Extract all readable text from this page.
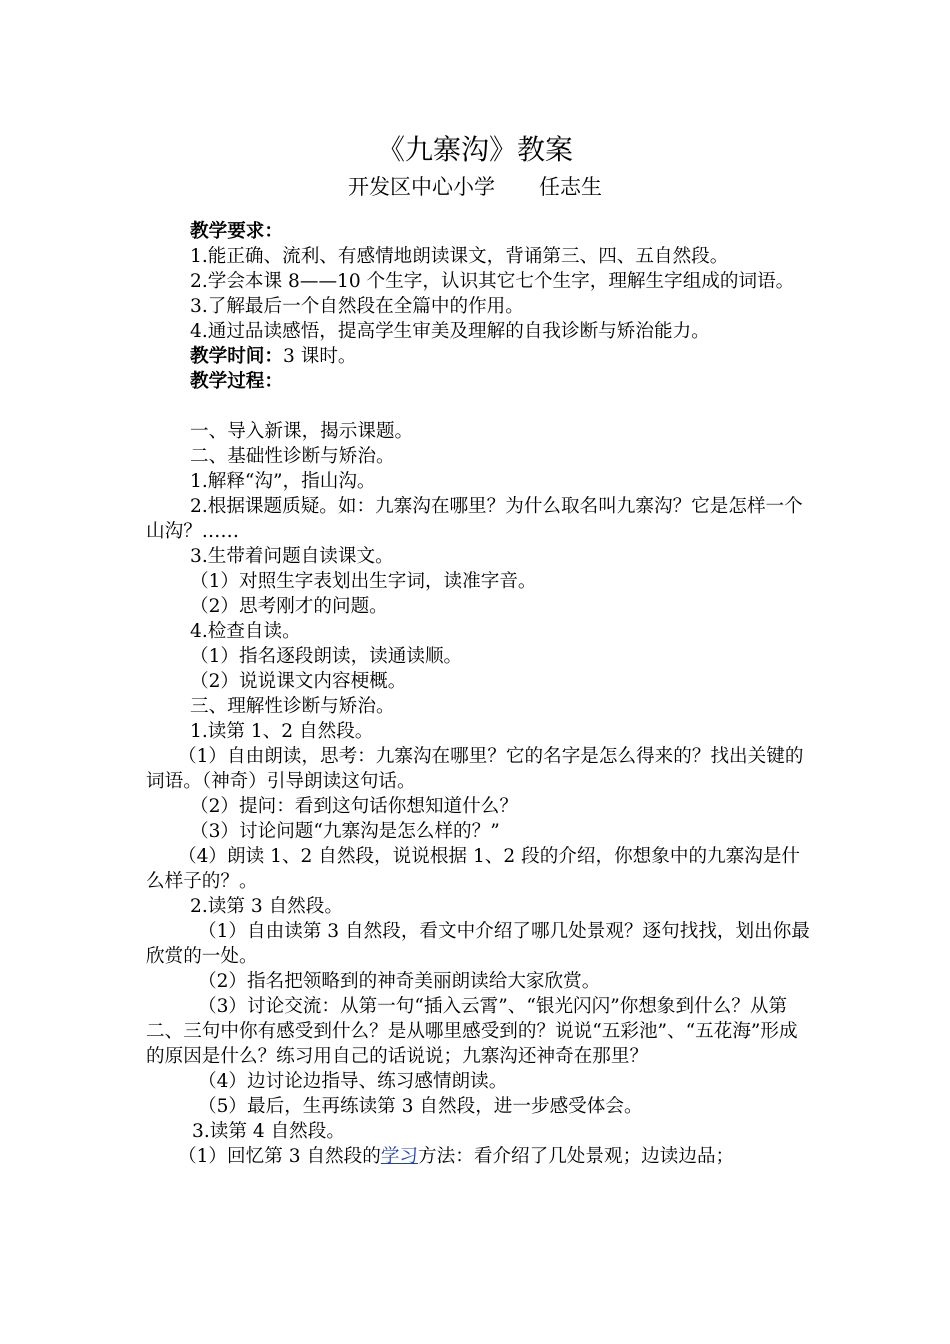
《九寨沟》教案
开发区中心小学 任志生

教学要求：

1.能正确、流利、有感情地朗读课文，背诵第三、四、五自然段。

2.学会本课 8——10 个生字，认识其它七个生字，理解生字组成的词语。

3.了解最后一个自然段在全篇中的作用。

4.通过品读感悟，提高学生审美及理解的自我诊断与矫治能力。

教学时间：3 课时。

教学过程：

一、导入新课，揭示课题。

二、基础性诊断与矫治。

1.解释“沟”，指山沟。

2.根据课题质疑。如：九寨沟在哪里？为什么取名叫九寨沟？它是怎样一个山沟？……

3.生带着问题自读课文。

（1）对照生字表划出生字词，读准字音。

（2）思考刚才的问题。

4.检查自读。

（1）指名逐段朗读，读通读顺。

（2）说说课文内容梗概。

三、理解性诊断与矫治。

1.读第 1、2 自然段。

（1）自由朗读，思考：九寨沟在哪里？它的名字是怎么得来的？找出关键的词语。（神奇）引导朗读这句话。

（2）提问：看到这句话你想知道什么？

（3）讨论问题“九寨沟是怎么样的？”

（4）朗读 1、2 自然段，说说根据 1、2 段的介绍，你想象中的九寨沟是什么样子的？。

2.读第 3 自然段。

（1）自由读第 3 自然段，看文中介绍了哪几处景观？逐句找找，划出你最欣赏的一处。

（2）指名把领略到的神奇美丽朗读给大家欣赏。

（3）讨论交流：从第一句“插入云霄”、“银光闪闪”你想象到什么？从第二、三句中你有感受到什么？是从哪里感受到的？说说“五彩池”、“五花海”形成的原因是什么？练习用自己的话说说；九寨沟还神奇在那里？

（4）边讨论边指导、练习感情朗读。

（5）最后，生再练读第 3 自然段，进一步感受体会。

3.读第 4 自然段。

（1）回忆第 3 自然段的学习方法：看介绍了几处景观；边读边品；
